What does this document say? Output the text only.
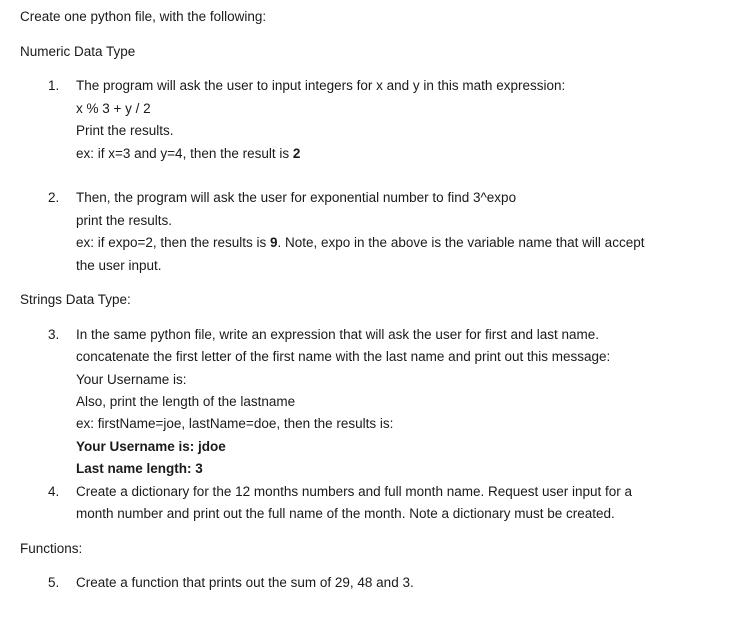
Create one python file, with the following:
Numeric Data Type
1. The program will ask the user to input integers for x and y in this math expression:
x % 3 + y / 2
Print the results.
ex: if x=3 and y=4, then the result is 2
2. Then, the program will ask the user for exponential number to find 3^expo
print the results.
ex: if expo=2, then the results is 9. Note, expo in the above is the variable name that will accept
the user input.
Strings Data Type:
3. In the same python file, write an expression that will ask the user for first and last name.
concatenate the first letter of the first name with the last name and print out this message:
Your Username is:
Also, print the length of the lastname
ex: firstName=joe, lastName=doe, then the results is:
Your Username is: jdoe
Last name length: 3
4. Create a dictionary for the 12 months numbers and full month name. Request user input for a
month number and print out the full name of the month. Note a dictionary must be created.
Functions:
5. Create a function that prints out the sum of 29, 48 and 3.
